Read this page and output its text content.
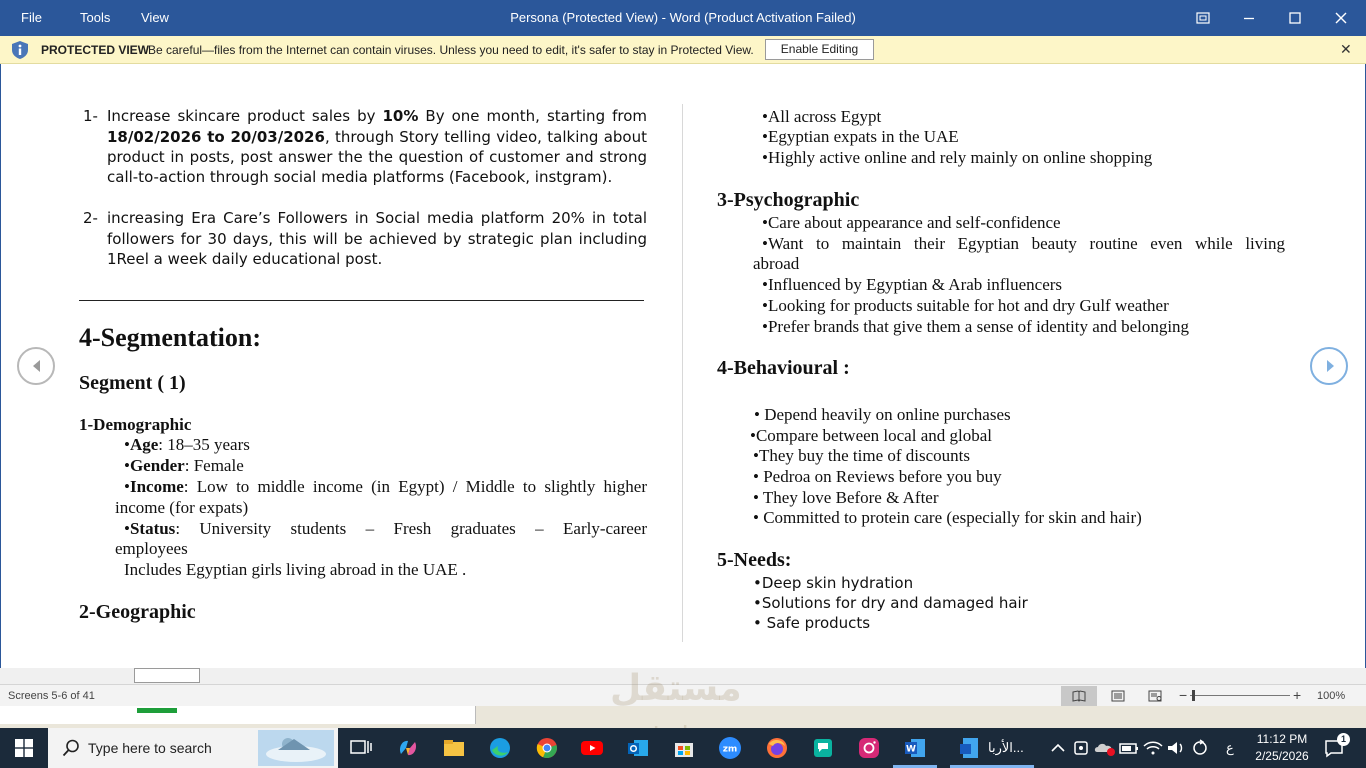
File	Tools View	Persona (Protected View) - Word (Product Activation Failed)
PROTECTED VIEW
Be careful—files from the Internet can contain viruses. Unless you need to edit, it's safer to stay in Protected View.	Enable Editing	✕
1- Increase skincare product sales by 10% By one month, starting from
18/02/2026 to 20/03/2026, through Story telling video, talking about
product in posts, post answer the the question of customer and strong
call-to-action through social media platforms (Facebook, instgram).
2- increasing Era Care’s Followers in Social media platform 20% in total
followers for 30 days, this will be achieved by strategic plan including
1Reel a week daily educational post.
4-Segmentation:
Segment ( 1)
1-Demographic
•Age: 18–35 years
•Gender: Female
•Income: Low to middle income (in Egypt) / Middle to slightly higher
income (for expats)
•Status: University students – Fresh graduates – Early-career
employees
Includes Egyptian girls living abroad in the UAE .
2-Geographic
•All across Egypt
•Egyptian expats in the UAE
•Highly active online and rely mainly on online shopping
3-Psychographic
•Care about appearance and self-confidence
•Want to maintain their Egyptian beauty routine even while living
abroad
•Influenced by Egyptian & Arab influencers
•Looking for products suitable for hot and dry Gulf weather
•Prefer brands that give them a sense of identity and belonging
4-Behavioural :
• Depend heavily on online purchases
•Compare between local and global
•They buy the time of discounts
• Pedroa on Reviews before you buy
• They love Before & After
• Committed to protein care (especially for skin and hair)
5-Needs:
•Deep skin hydration
•Solutions for dry and damaged hair
• Safe products
Screens 5-6 of 41	−	+ 100%
مستقل
Type here to search	zm	W	الأربا...	ع
11:12 PM
2/25/2026
1
